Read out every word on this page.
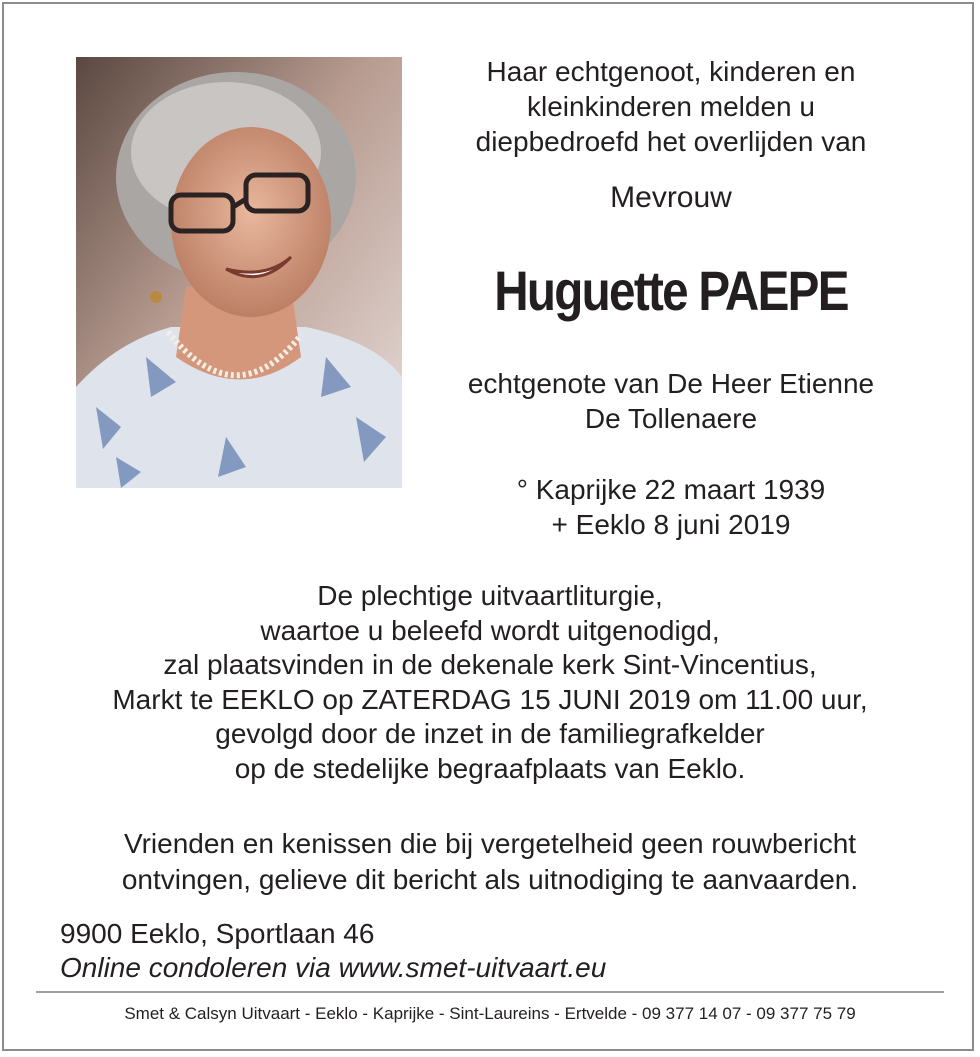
Haar echtgenoot, kinderen en
kleinkinderen melden u
diepbedroefd het overlijden van
Mevrouw
Huguette PAEPE
echtgenote van De Heer Etienne
De Tollenaere
° Kaprijke 22 maart 1939
+ Eeklo 8 juni 2019
De plechtige uitvaartliturgie,
waartoe u beleefd wordt uitgenodigd,
zal plaatsvinden in de dekenale kerk Sint-Vincentius,
Markt te EEKLO op ZATERDAG 15 JUNI 2019 om 11.00 uur,
gevolgd door de inzet in de familiegrafkelder
op de stedelijke begraafplaats van Eeklo.
Vrienden en kenissen die bij vergetelheid geen rouwbericht
ontvingen, gelieve dit bericht als uitnodiging te aanvaarden.
9900 Eeklo, Sportlaan 46
Online condoleren via www.smet-uitvaart.eu
Smet & Calsyn Uitvaart - Eeklo - Kaprijke - Sint-Laureins - Ertvelde - 09 377 14 07 - 09 377 75 79
